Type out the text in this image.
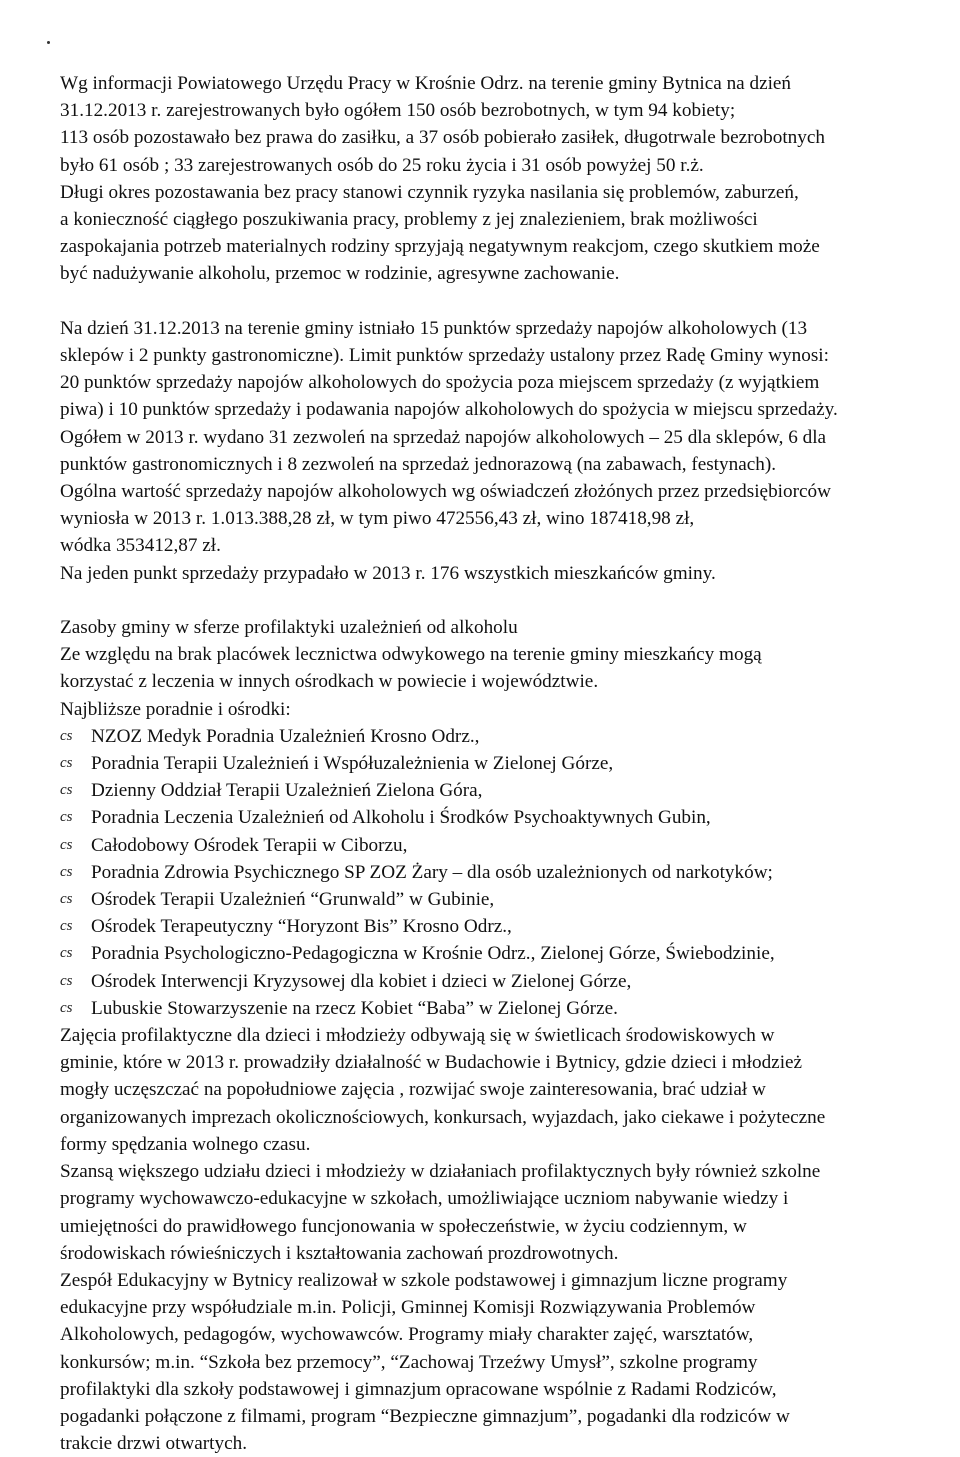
Wg informacji Powiatowego Urzędu Pracy w Krośnie Odrz. na terenie gminy Bytnica na dzień
31.12.2013 r. zarejestrowanych było ogółem 150 osób bezrobotnych, w tym 94 kobiety;
113 osób pozostawało bez prawa do zasiłku, a 37 osób pobierało zasiłek, długotrwale bezrobotnych
było 61 osób ; 33 zarejestrowanych osób do 25 roku życia i 31 osób powyżej 50 r.ż.
Długi okres pozostawania bez pracy stanowi czynnik ryzyka nasilania się problemów, zaburzeń,
a konieczność ciągłego poszukiwania pracy, problemy z jej znalezieniem, brak możliwości
zaspokajania potrzeb materialnych rodziny sprzyjają negatywnym reakcjom, czego skutkiem może
być nadużywanie alkoholu, przemoc w rodzinie, agresywne zachowanie.
Na dzień 31.12.2013 na terenie gminy istniało 15 punktów sprzedaży napojów alkoholowych (13
sklepów i 2 punkty gastronomiczne). Limit punktów sprzedaży ustalony przez Radę Gminy wynosi:
20 punktów sprzedaży napojów alkoholowych do spożycia poza miejscem sprzedaży (z wyjątkiem
piwa) i 10 punktów sprzedaży i podawania napojów alkoholowych do spożycia w miejscu sprzedaży.
Ogółem w 2013 r. wydano 31 zezwoleń na sprzedaż napojów alkoholowych – 25 dla sklepów, 6 dla
punktów gastronomicznych i 8 zezwoleń na sprzedaż jednorazową (na zabawach, festynach).
Ogólna wartość sprzedaży napojów alkoholowych wg oświadczeń złożónych przez przedsiębiorców
wyniosła w 2013 r. 1.013.388,28 zł, w tym piwo 472556,43 zł, wino 187418,98 zł,
wódka 353412,87 zł.
Na jeden punkt sprzedaży przypadało w 2013 r. 176 wszystkich mieszkańców gminy.
Zasoby gminy w sferze profilaktyki uzależnień od alkoholu
Ze względu na brak placówek lecznictwa odwykowego na terenie gminy mieszkańcy mogą
korzystać z leczenia w innych ośrodkach w powiecie i województwie.
Najbliższe poradnie i ośrodki:
cs NZOZ Medyk Poradnia Uzależnień Krosno Odrz.,
cs Poradnia Terapii Uzależnień i Współuzależnienia w Zielonej Górze,
cs Dzienny Oddział Terapii Uzależnień Zielona Góra,
cs Poradnia Leczenia Uzależnień od Alkoholu i Środków Psychoaktywnych Gubin,
cs Całodobowy Ośrodek Terapii w Ciborzu,
cs Poradnia Zdrowia Psychicznego SP ZOZ Żary – dla osób uzależnionych od narkotyków;
cs Ośrodek Terapii Uzależnień “Grunwald” w Gubinie,
cs Ośrodek Terapeutyczny “Horyzont Bis” Krosno Odrz.,
cs Poradnia Psychologiczno-Pedagogiczna w Krośnie Odrz., Zielonej Górze, Świebodzinie,
cs Ośrodek Interwencji Kryzysowej dla kobiet i dzieci w Zielonej Górze,
cs Lubuskie Stowarzyszenie na rzecz Kobiet “Baba” w Zielonej Górze.
Zajęcia profilaktyczne dla dzieci i młodzieży odbywają się w świetlicach środowiskowych w
gminie, które w 2013 r. prowadziły działalność w Budachowie i Bytnicy, gdzie dzieci i młodzież
mogły uczęszczać na popołudniowe zajęcia , rozwijać swoje zainteresowania, brać udział w
organizowanych imprezach okolicznościowych, konkursach, wyjazdach, jako ciekawe i pożyteczne
formy spędzania wolnego czasu.
Szansą większego udziału dzieci i młodzieży w działaniach profilaktycznych były również szkolne
programy wychowawczo-edukacyjne w szkołach, umożliwiające uczniom nabywanie wiedzy i
umiejętności do prawidłowego funcjonowania w społeczeństwie, w życiu codziennym, w
środowiskach rówieśniczych i kształtowania zachowań prozdrowotnych.
Zespół Edukacyjny w Bytnicy realizował w szkole podstawowej i gimnazjum liczne programy
edukacyjne przy współudziale m.in. Policji, Gminnej Komisji Rozwiązywania Problemów
Alkoholowych, pedagogów, wychowawców. Programy miały charakter zajęć, warsztatów,
konkursów; m.in. “Szkoła bez przemocy”, “Zachowaj Trzeźwy Umysł”, szkolne programy
profilaktyki dla szkoły podstawowej i gimnazjum opracowane wspólnie z Radami Rodziców,
pogadanki połączone z filmami, program “Bezpieczne gimnazjum”, pogadanki dla rodziców w
trakcie drzwi otwartych.
